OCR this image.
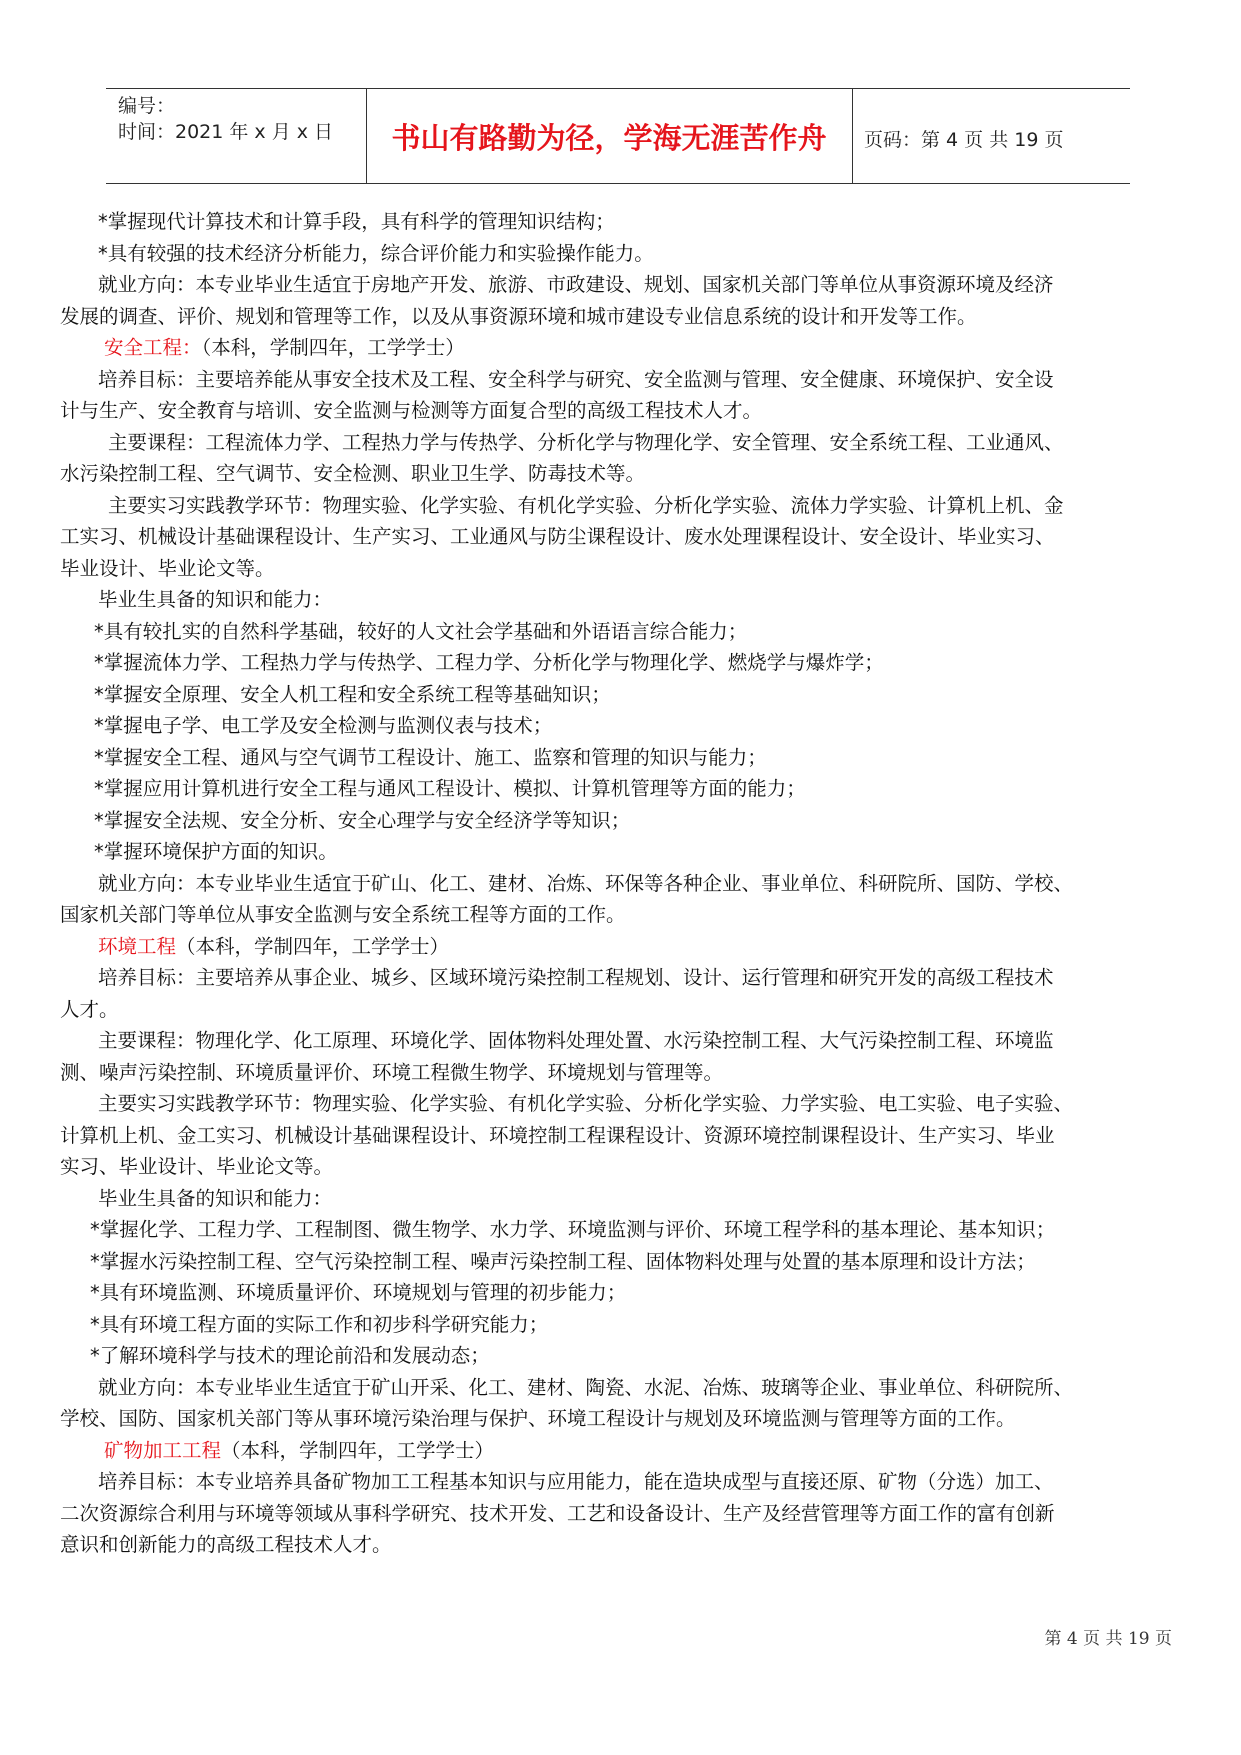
编号：
时间：2021 年 x 月 x 日	书山有路勤为径，学海无涯苦作舟	页码：第 4 页 共 19 页
*掌握现代计算技术和计算手段，具有科学的管理知识结构；
*具有较强的技术经济分析能力，综合评价能力和实验操作能力。
就业方向：本专业毕业生适宜于房地产开发、旅游、市政建设、规划、国家机关部门等单位从事资源环境及经济
发展的调查、评价、规划和管理等工作，以及从事资源环境和城市建设专业信息系统的设计和开发等工作。
安全工程：（本科，学制四年，工学学士）
培养目标：主要培养能从事安全技术及工程、安全科学与研究、安全监测与管理、安全健康、环境保护、安全设
计与生产、安全教育与培训、安全监测与检测等方面复合型的高级工程技术人才。
主要课程：工程流体力学、工程热力学与传热学、分析化学与物理化学、安全管理、安全系统工程、工业通风、
水污染控制工程、空气调节、安全检测、职业卫生学、防毒技术等。
主要实习实践教学环节：物理实验、化学实验、有机化学实验、分析化学实验、流体力学实验、计算机上机、金
工实习、机械设计基础课程设计、生产实习、工业通风与防尘课程设计、废水处理课程设计、安全设计、毕业实习、
毕业设计、毕业论文等。
毕业生具备的知识和能力：
*具有较扎实的自然科学基础，较好的人文社会学基础和外语语言综合能力；
*掌握流体力学、工程热力学与传热学、工程力学、分析化学与物理化学、燃烧学与爆炸学；
*掌握安全原理、安全人机工程和安全系统工程等基础知识；
*掌握电子学、电工学及安全检测与监测仪表与技术；
*掌握安全工程、通风与空气调节工程设计、施工、监察和管理的知识与能力；
*掌握应用计算机进行安全工程与通风工程设计、模拟、计算机管理等方面的能力；
*掌握安全法规、安全分析、安全心理学与安全经济学等知识；
*掌握环境保护方面的知识。
就业方向：本专业毕业生适宜于矿山、化工、建材、冶炼、环保等各种企业、事业单位、科研院所、国防、学校、
国家机关部门等单位从事安全监测与安全系统工程等方面的工作。
环境工程（本科，学制四年，工学学士）
培养目标：主要培养从事企业、城乡、区域环境污染控制工程规划、设计、运行管理和研究开发的高级工程技术
人才。
主要课程：物理化学、化工原理、环境化学、固体物料处理处置、水污染控制工程、大气污染控制工程、环境监
测、噪声污染控制、环境质量评价、环境工程微生物学、环境规划与管理等。
主要实习实践教学环节：物理实验、化学实验、有机化学实验、分析化学实验、力学实验、电工实验、电子实验、
计算机上机、金工实习、机械设计基础课程设计、环境控制工程课程设计、资源环境控制课程设计、生产实习、毕业
实习、毕业设计、毕业论文等。
毕业生具备的知识和能力：
*掌握化学、工程力学、工程制图、微生物学、水力学、环境监测与评价、环境工程学科的基本理论、基本知识；
*掌握水污染控制工程、空气污染控制工程、噪声污染控制工程、固体物料处理与处置的基本原理和设计方法；
*具有环境监测、环境质量评价、环境规划与管理的初步能力；
*具有环境工程方面的实际工作和初步科学研究能力；
*了解环境科学与技术的理论前沿和发展动态；
就业方向：本专业毕业生适宜于矿山开采、化工、建材、陶瓷、水泥、冶炼、玻璃等企业、事业单位、科研院所、
学校、国防、国家机关部门等从事环境污染治理与保护、环境工程设计与规划及环境监测与管理等方面的工作。
矿物加工工程（本科，学制四年，工学学士）
培养目标：本专业培养具备矿物加工工程基本知识与应用能力，能在造块成型与直接还原、矿物（分选）加工、
二次资源综合利用与环境等领域从事科学研究、技术开发、工艺和设备设计、生产及经营管理等方面工作的富有创新
意识和创新能力的高级工程技术人才。
第 4 页 共 19 页
